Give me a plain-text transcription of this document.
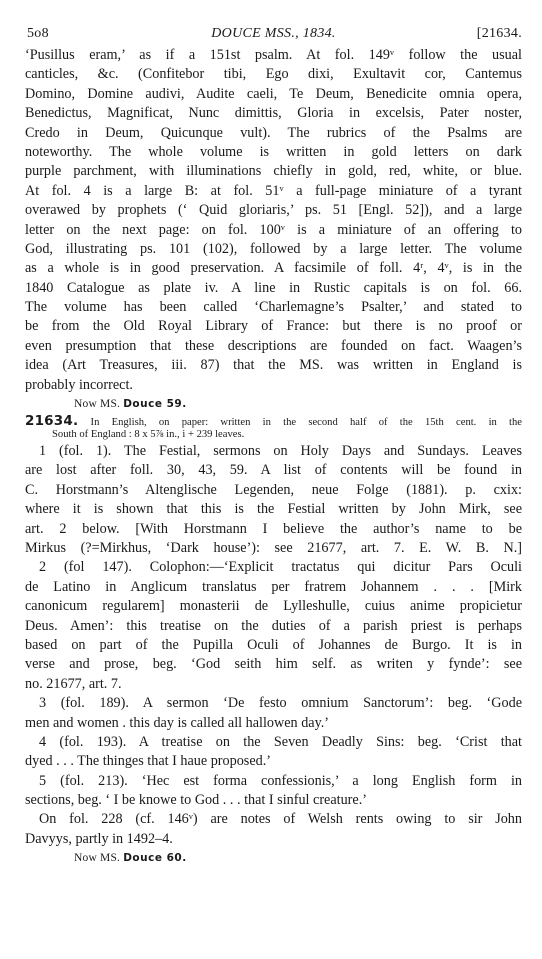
5o8	DOUCE MSS., 1834.	[21634.
‘Pusillus eram,’ as if a 151st psalm. At fol. 149ᵛ follow the usual
canticles, &c. (Confitebor tibi, Ego dixi, Exultavit cor, Cantemus
Domino, Domine audivi, Audite caeli, Te Deum, Benedicite omnia opera,
Benedictus, Magnificat, Nunc dimittis, Gloria in excelsis, Pater noster,
Credo in Deum, Quicunque vult). The rubrics of the Psalms are
noteworthy. The whole volume is written in gold letters on dark
purple parchment, with illuminations chiefly in gold, red, white, or blue.
At fol. 4 is a large B: at fol. 51ᵛ a full-page miniature of a tyrant
overawed by prophets (‘ Quid gloriaris,’ ps. 51 [Engl. 52]), and a large
letter on the next page: on fol. 100ᵛ is a miniature of an offering to
God, illustrating ps. 101 (102), followed by a large letter. The volume
as a whole is in good preservation. A facsimile of foll. 4ʳ, 4ᵛ, is in the
1840 Catalogue as plate iv. A line in Rustic capitals is on fol. 66.
The volume has been called ‘Charlemagne’s Psalter,’ and stated to
be from the Old Royal Library of France: but there is no proof or
even presumption that these descriptions are founded on fact. Waagen’s
idea (Art Treasures, iii. 87) that the MS. was written in England is
probably incorrect.
Now MS. Douce 59.
21634. In English, on paper: written in the second half of the 15th cent. in the
South of England : 8 x 5⅞ in., i + 239 leaves.
1 (fol. 1). The Festial, sermons on Holy Days and Sundays. Leaves
are lost after foll. 30, 43, 59. A list of contents will be found in
C. Horstmann’s Altenglische Legenden, neue Folge (1881). p. cxix:
where it is shown that this is the Festial written by John Mirk, see
art. 2 below. [With Horstmann I believe the author’s name to be
Mirkus (?=Mirkhus, ‘Dark house’): see 21677, art. 7. E. W. B. N.]
2 (fol 147). Colophon:—‘Explicit tractatus qui dicitur Pars Oculi
de Latino in Anglicum translatus per fratrem Johannem . . . [Mirk
canonicum regularem] monasterii de Lylleshulle, cuius anime propicietur
Deus. Amen’: this treatise on the duties of a parish priest is perhaps
based on part of the Pupilla Oculi of Johannes de Burgo. It is in
verse and prose, beg. ‘God seith him self. as writen y fynde’: see
no. 21677, art. 7.
3 (fol. 189). A sermon ‘De festo omnium Sanctorum’: beg. ‘Gode
men and women . this day is called all hallowen day.’
4 (fol. 193). A treatise on the Seven Deadly Sins: beg. ‘Crist that
dyed . . . The thinges that I haue proposed.’
5 (fol. 213). ‘Hec est forma confessionis,’ a long English form in
sections, beg. ‘ I be knowe to God . . . that I sinful creature.’
On fol. 228 (cf. 146ᵛ) are notes of Welsh rents owing to sir John
Davyys, partly in 1492–4.
Now MS. Douce 60.
